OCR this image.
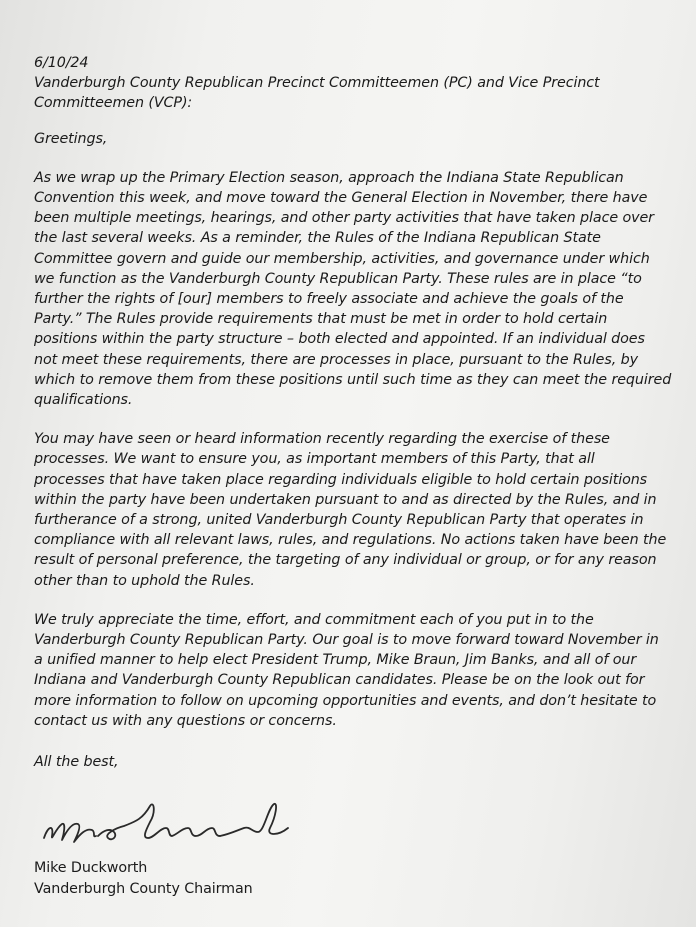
6/10/24
Vanderburgh County Republican Precinct Committeemen (PC) and Vice Precinct
Committeemen (VCP):
Greetings,
As we wrap up the Primary Election season, approach the Indiana State Republican
Convention this week, and move toward the General Election in November, there have
been multiple meetings, hearings, and other party activities that have taken place over
the last several weeks. As a reminder, the Rules of the Indiana Republican State
Committee govern and guide our membership, activities, and governance under which
we function as the Vanderburgh County Republican Party. These rules are in place “to
further the rights of [our] members to freely associate and achieve the goals of the
Party.” The Rules provide requirements that must be met in order to hold certain
positions within the party structure – both elected and appointed. If an individual does
not meet these requirements, there are processes in place, pursuant to the Rules, by
which to remove them from these positions until such time as they can meet the required
qualifications.
You may have seen or heard information recently regarding the exercise of these
processes. We want to ensure you, as important members of this Party, that all
processes that have taken place regarding individuals eligible to hold certain positions
within the party have been undertaken pursuant to and as directed by the Rules, and in
furtherance of a strong, united Vanderburgh County Republican Party that operates in
compliance with all relevant laws, rules, and regulations. No actions taken have been the
result of personal preference, the targeting of any individual or group, or for any reason
other than to uphold the Rules.
We truly appreciate the time, effort, and commitment each of you put in to the
Vanderburgh County Republican Party. Our goal is to move forward toward November in
a unified manner to help elect President Trump, Mike Braun, Jim Banks, and all of our
Indiana and Vanderburgh County Republican candidates. Please be on the look out for
more information to follow on upcoming opportunities and events, and don’t hesitate to
contact us with any questions or concerns.
All the best,
Mike Duckworth
Vanderburgh County Chairman
